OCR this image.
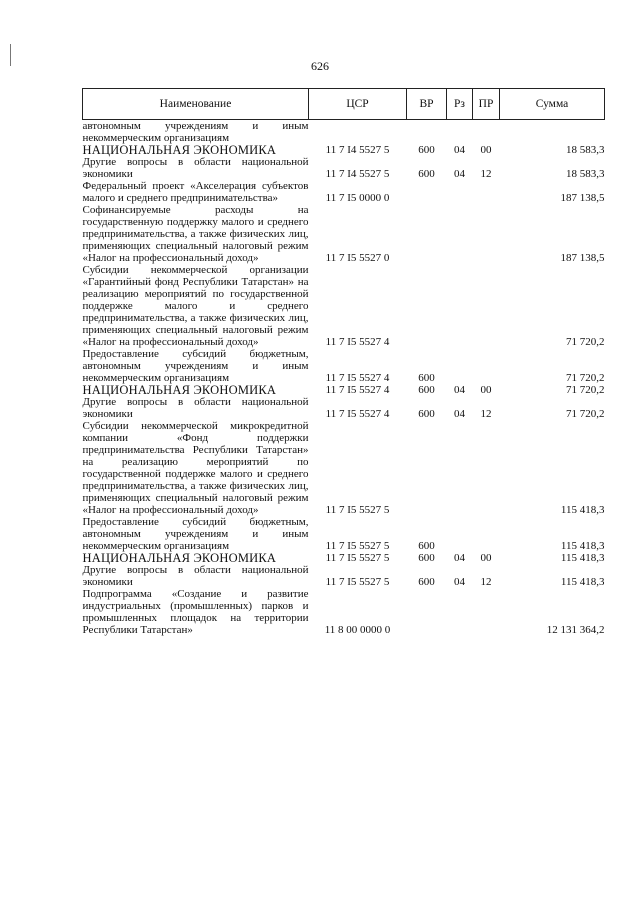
626
Наименование	ЦСР	ВР	Рз	ПР	Сумма
автономным учреждениям и иным некоммерческим организациям					
НАЦИОНАЛЬНАЯ ЭКОНОМИКА	11 7 I4 5527 5	600	04	00	18 583,3
Другие вопросы в области национальной экономики	11 7 I4 5527 5	600	04	12	18 583,3
Федеральный проект «Акселерация субъектов малого и среднего предпринимательства»	11 7 I5 0000 0				187 138,5
Софинансируемые расходы на государственную поддержку малого и среднего предпринимательства, а также физических лиц, применяющих специальный налоговый режим «Налог на профессиональный доход»	11 7 I5 5527 0				187 138,5
Субсидии некоммерческой организации «Гарантийный фонд Республики Татарстан» на реализацию мероприятий по государственной поддержке малого и среднего предпринимательства, а также физических лиц, применяющих специальный налоговый режим «Налог на профессиональный доход»	11 7 I5 5527 4				71 720,2
Предоставление субсидий бюджетным, автономным учреждениям и иным некоммерческим организациям	11 7 I5 5527 4	600			71 720,2
НАЦИОНАЛЬНАЯ ЭКОНОМИКА	11 7 I5 5527 4	600	04	00	71 720,2
Другие вопросы в области национальной экономики	11 7 I5 5527 4	600	04	12	71 720,2
Субсидии некоммерческой микрокредитной компании «Фонд поддержки предпринимательства Республики Татарстан» на реализацию мероприятий по государственной поддержке малого и среднего предпринимательства, а также физических лиц, применяющих специальный налоговый режим «Налог на профессиональный доход»	11 7 I5 5527 5				115 418,3
Предоставление субсидий бюджетным, автономным учреждениям и иным некоммерческим организациям	11 7 I5 5527 5	600			115 418,3
НАЦИОНАЛЬНАЯ ЭКОНОМИКА	11 7 I5 5527 5	600	04	00	115 418,3
Другие вопросы в области национальной экономики	11 7 I5 5527 5	600	04	12	115 418,3
Подпрограмма «Создание и развитие индустриальных (промышленных) парков и промышленных площадок на территории Республики Татарстан»	11 8 00 0000 0				12 131 364,2
